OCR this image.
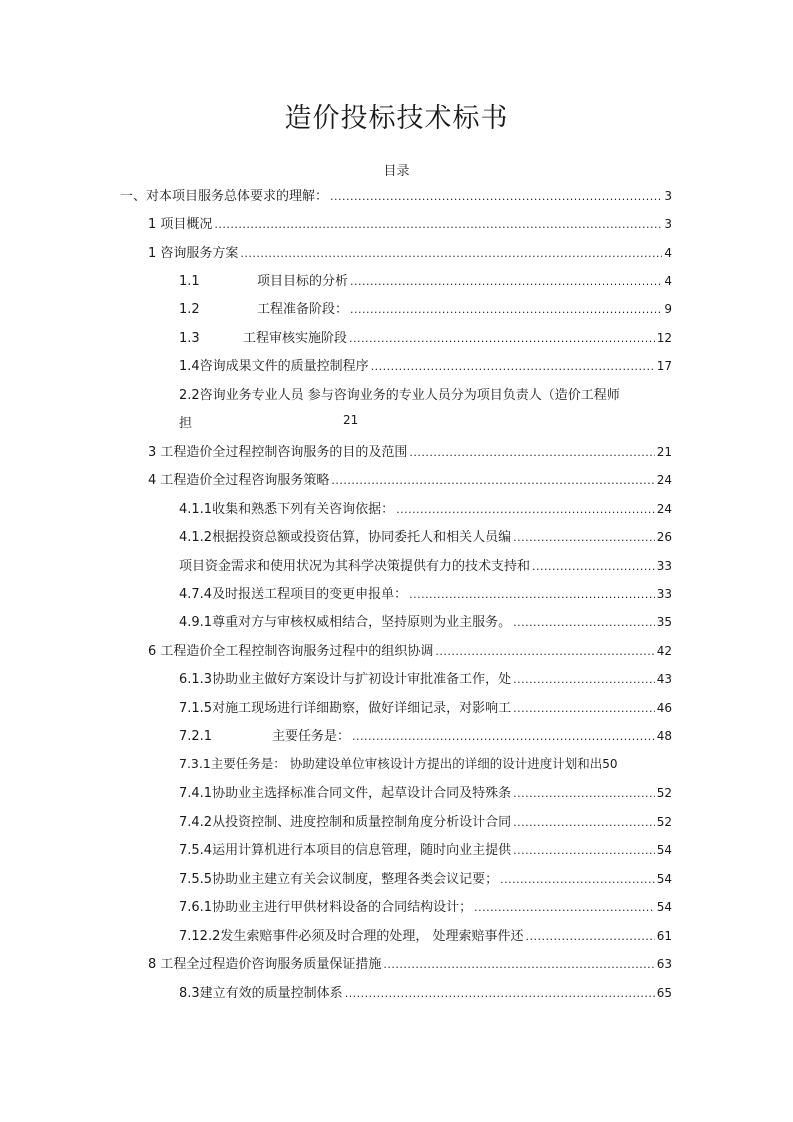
造价投标技术标书
目录
一、对本项目服务总体要求的理解： .....	3
1 项目概况 .....	3
1 咨询服务方案 .....	4
1.1	项目目标的分析 .....	4
1.2	工程准备阶段： .....	9
1.3	工程审核实施阶段 .....	12
1.4咨询成果文件的质量控制程序 .....	17
2.2咨询业务专业人员 参与咨询业务的专业人员分为项目负责人（造价工程师
担	21
3 工程造价全过程控制咨询服务的目的及范围 .....	21
4 工程造价全过程咨询服务策略 .....	24
4.1.1收集和熟悉下列有关咨询依据： .....	24
4.1.2根据投资总额或投资估算，协同委托人和相关人员编 .....	26
项目资金需求和使用状况为其科学决策提供有力的技术支持和 .....	33
4.7.4及时报送工程项目的变更申报单： .....	33
4.9.1尊重对方与审核权威相结合，坚持原则为业主服务。 .....	35
6 工程造价全工程控制咨询服务过程中的组织协调 .....	42
6.1.3协助业主做好方案设计与扩初设计审批准备工作，处 .....	43
7.1.5对施工现场进行详细勘察，做好详细记录，对影响工 .....	46
7.2.1	主要任务是： .....	48
7.3.1主要任务是： 协助建设单位审核设计方提出的详细的设计进度计划和出 50
7.4.1协助业主选择标准合同文件，起草设计合同及特殊条 .....	52
7.4.2从投资控制、进度控制和质量控制角度分析设计合同 .....	52
7.5.4运用计算机进行本项目的信息管理，随时向业主提供 .....	54
7.5.5协助业主建立有关会议制度，整理各类会议记要； .....	54
7.6.1协助业主进行甲供材料设备的合同结构设计； .....	54
7.12.2发生索赔事件必须及时合理的处理， 处理索赔事件还 .....	61
8 工程全过程造价咨询服务质量保证措施 .....	63
8.3建立有效的质量控制体系 .....	65
